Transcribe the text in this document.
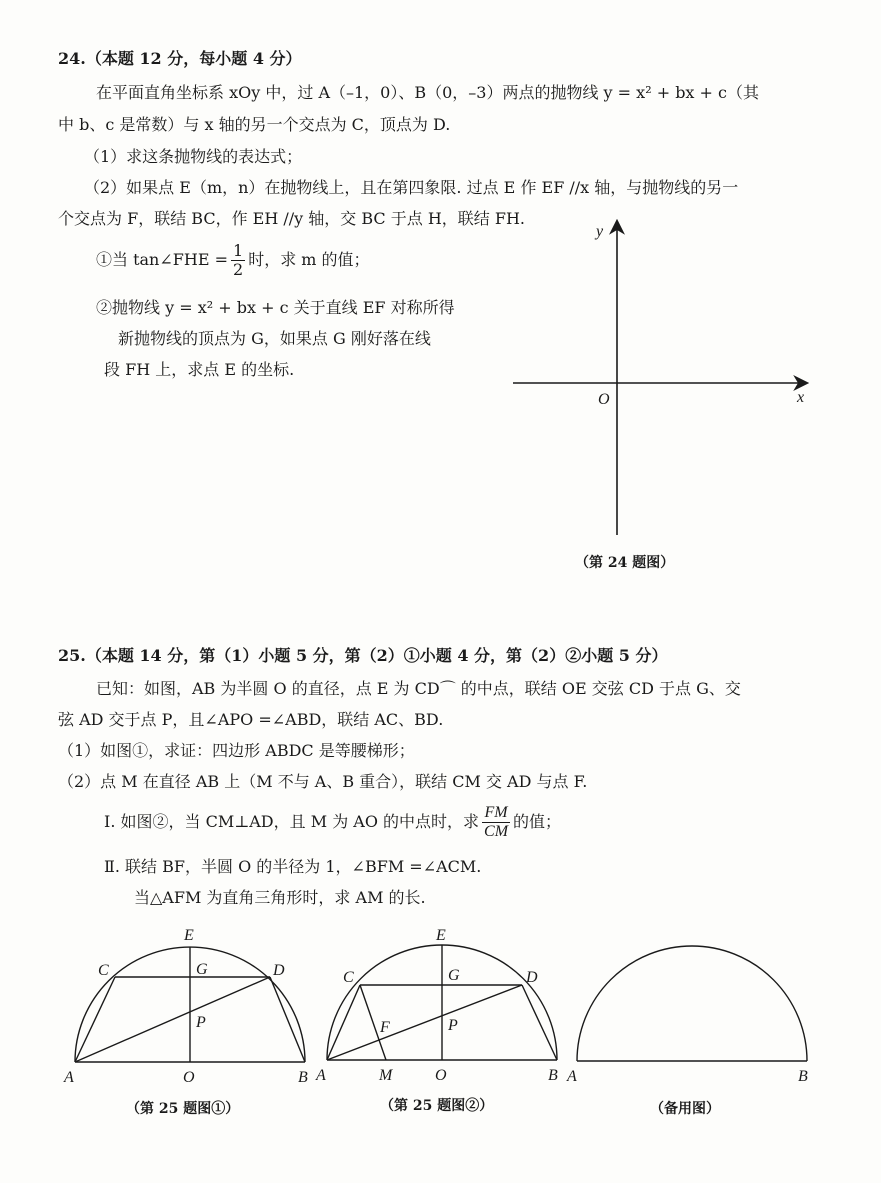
24.（本题 12 分，每小题 4 分）
在平面直角坐标系 xOy 中，过 A（–1，0）、B（0，–3）两点的抛物线 y = x² + bx + c（其
中 b、c 是常数）与 x 轴的另一个交点为 C，顶点为 D.
（1）求这条抛物线的表达式；
（2）如果点 E（m，n）在抛物线上，且在第四象限. 过点 E 作 EF //x 轴，与抛物线的另一
个交点为 F，联结 BC，作 EH //y 轴，交 BC 于点 H，联结 FH.
①当 tan∠FHE = $\frac{1}{2}$ 时，求 m 的值；
②抛物线 y = x² + bx + c 关于直线 EF 对称所得
新抛物线的顶点为 G，如果点 G 刚好落在线
段 FH 上，求点 E 的坐标.
（第 24 题图）
25.（本题 14 分，第（1）小题 5 分，第（2）①小题 4 分，第（2）②小题 5 分）
已知：如图，AB 为半圆 O 的直径，点 E 为 CD⌒ 的中点，联结 OE 交弦 CD 于点 G、交
弦 AD 交于点 P，且∠APO =∠ABD，联结 AC、BD.
（1）如图①，求证：四边形 ABDC 是等腰梯形；
（2）点 M 在直径 AB 上（M 不与 A、B 重合），联结 CM 交 AD 与点 F.
Ⅰ. 如图②，当 CM⊥AD，且 M 为 AO 的中点时，求 $\frac{FM}{CM}$ 的值；
Ⅱ. 联结 BF，半圆 O 的半径为 1，∠BFM =∠ACM.
当△AFM 为直角三角形时，求 AM 的长.
（第 25 题图①）	（第 25 题图②）	（备用图）
y
x
O
E
C	G	D
P
A	O	B
E
C	G	D
F	P
A	M	O	B A	B
